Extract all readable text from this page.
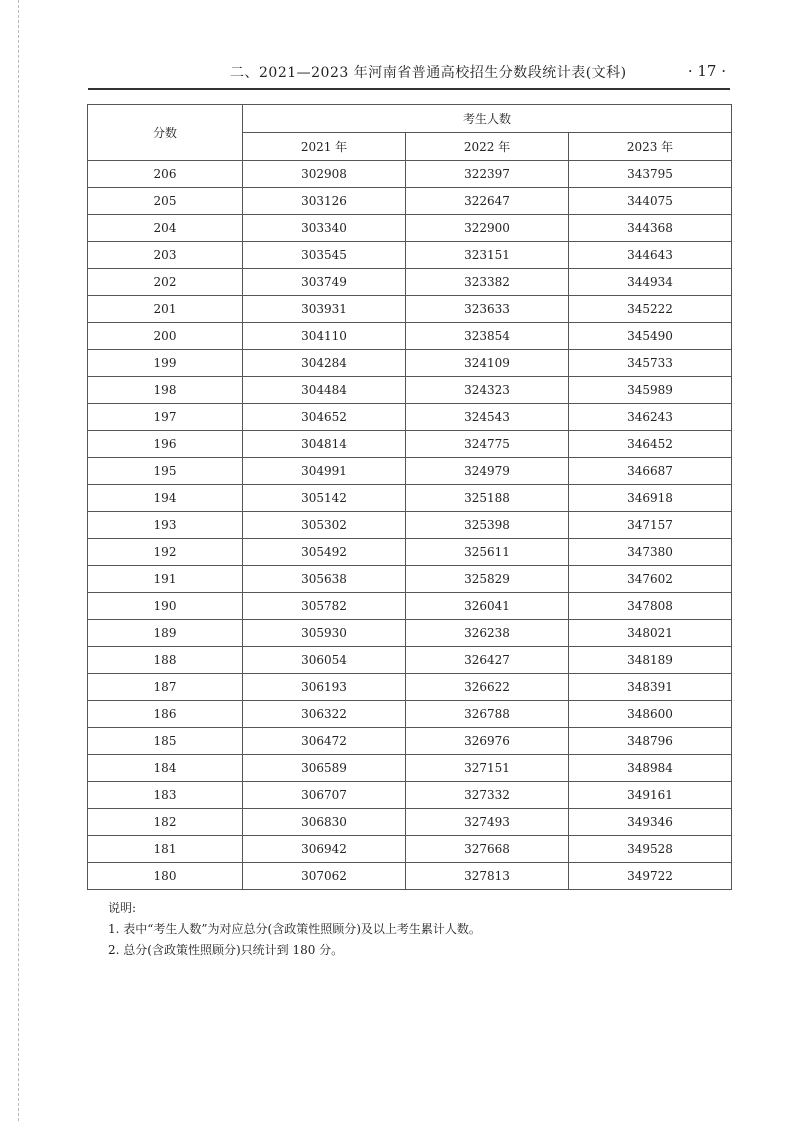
二、2021—2023 年河南省普通高校招生分数段统计表(文科)	· 17 ·
分数	考生人数		
	2021 年	2022 年	2023 年
206	302908	322397	343795
205	303126	322647	344075
204	303340	322900	344368
203	303545	323151	344643
202	303749	323382	344934
201	303931	323633	345222
200	304110	323854	345490
199	304284	324109	345733
198	304484	324323	345989
197	304652	324543	346243
196	304814	324775	346452
195	304991	324979	346687
194	305142	325188	346918
193	305302	325398	347157
192	305492	325611	347380
191	305638	325829	347602
190	305782	326041	347808
189	305930	326238	348021
188	306054	326427	348189
187	306193	326622	348391
186	306322	326788	348600
185	306472	326976	348796
184	306589	327151	348984
183	306707	327332	349161
182	306830	327493	349346
181	306942	327668	349528
180	307062	327813	349722

说明:

1. 表中“考生人数”为对应总分(含政策性照顾分)及以上考生累计人数。

2. 总分(含政策性照顾分)只统计到 180 分。
